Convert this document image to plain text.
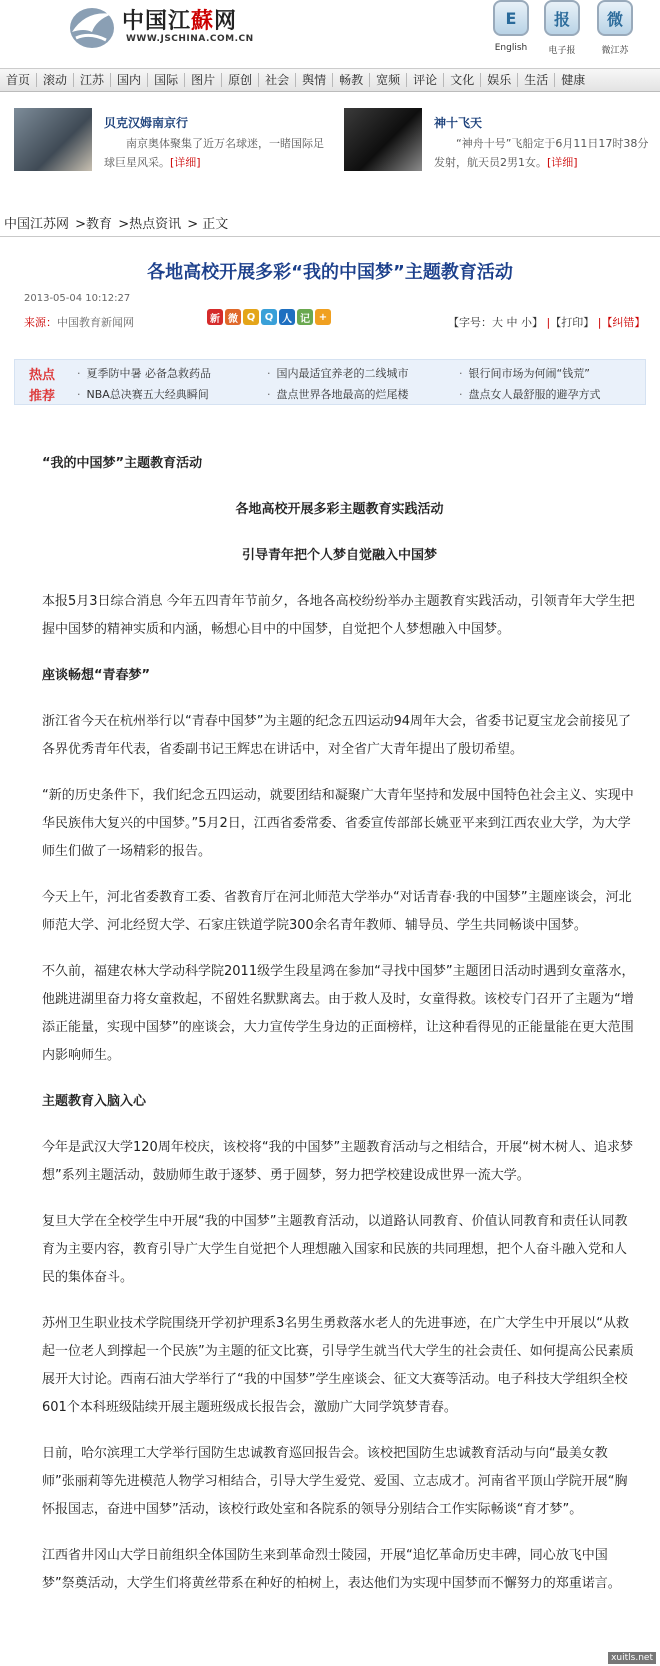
中国江蘇网
WWW.JSCHINA.COM.CN
E
English
报
电子报
微
微江苏
首页	滚动	江苏	国内	国际	图片	原创	社会	舆情	畅教	宽频	评论	文化	娱乐	生活	健康
贝克汉姆南京行
南京奥体聚集了近万名球迷，一睹国际足球巨星风采。[详细]
神十飞天
“神舟十号”飞船定于6月11日17时38分发射，航天员2男1女。[详细]
中国江苏网 >教育 >热点资讯 > 正文
各地高校开展多彩“我的中国梦”主题教育活动
2013-05-04 10:12:27
来源：中国教育新闻网	新 微 Q Q 人 记 +	【字号：大 中 小】 |【打印】 |【纠错】
热点
推荐
· 夏季防中暑 必备急救药品	· 国内最适宜养老的二线城市	· 银行间市场为何闹“钱荒”
· NBA总决赛五大经典瞬间	· 盘点世界各地最高的烂尾楼	· 盘点女人最舒服的避孕方式

“我的中国梦”主题教育活动

各地高校开展多彩主题教育实践活动

引导青年把个人梦自觉融入中国梦

本报5月3日综合消息 今年五四青年节前夕，各地各高校纷纷举办主题教育实践活动，引领青年大学生把握中国梦的精神实质和内涵，畅想心目中的中国梦，自觉把个人梦想融入中国梦。

座谈畅想“青春梦”

浙江省今天在杭州举行以“青春中国梦”为主题的纪念五四运动94周年大会，省委书记夏宝龙会前接见了各界优秀青年代表，省委副书记王辉忠在讲话中，对全省广大青年提出了殷切希望。

“新的历史条件下，我们纪念五四运动，就要团结和凝聚广大青年坚持和发展中国特色社会主义、实现中华民族伟大复兴的中国梦。”5月2日，江西省委常委、省委宣传部部长姚亚平来到江西农业大学，为大学师生们做了一场精彩的报告。

今天上午，河北省委教育工委、省教育厅在河北师范大学举办“对话青春·我的中国梦”主题座谈会，河北师范大学、河北经贸大学、石家庄铁道学院300余名青年教师、辅导员、学生共同畅谈中国梦。

不久前，福建农林大学动科学院2011级学生段星鸿在参加“寻找中国梦”主题团日活动时遇到女童落水，他跳进湖里奋力将女童救起，不留姓名默默离去。由于救人及时，女童得救。该校专门召开了主题为“增添正能量，实现中国梦”的座谈会，大力宣传学生身边的正面榜样，让这种看得见的正能量能在更大范围内影响师生。

主题教育入脑入心

今年是武汉大学120周年校庆，该校将“我的中国梦”主题教育活动与之相结合，开展“树木树人、追求梦想”系列主题活动，鼓励师生敢于逐梦、勇于圆梦，努力把学校建设成世界一流大学。

复旦大学在全校学生中开展“我的中国梦”主题教育活动，以道路认同教育、价值认同教育和责任认同教育为主要内容，教育引导广大学生自觉把个人理想融入国家和民族的共同理想，把个人奋斗融入党和人民的集体奋斗。

苏州卫生职业技术学院围绕开学初护理系3名男生勇救落水老人的先进事迹，在广大学生中开展以“从救起一位老人到撑起一个民族”为主题的征文比赛，引导学生就当代大学生的社会责任、如何提高公民素质展开大讨论。西南石油大学举行了“我的中国梦”学生座谈会、征文大赛等活动。电子科技大学组织全校601个本科班级陆续开展主题班级成长报告会，激励广大同学筑梦青春。

日前，哈尔滨理工大学举行国防生忠诚教育巡回报告会。该校把国防生忠诚教育活动与向“最美女教师”张丽莉等先进模范人物学习相结合，引导大学生爱党、爱国、立志成才。河南省平顶山学院开展“胸怀报国志，奋进中国梦”活动，该校行政处室和各院系的领导分别结合工作实际畅谈“育才梦”。

江西省井冈山大学日前组织全体国防生来到革命烈士陵园，开展“追忆革命历史丰碑，同心放飞中国梦”祭奠活动，大学生们将黄丝带系在种好的柏树上，表达他们为实现中国梦而不懈努力的郑重诺言。

xuitls.net
